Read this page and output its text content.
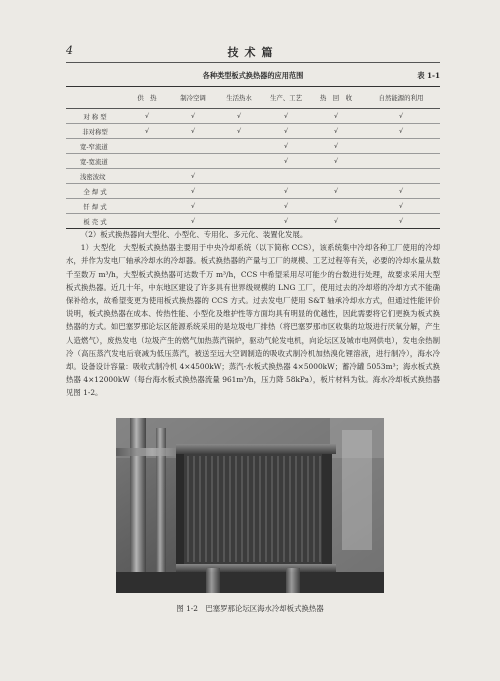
4	技术篇
各种类型板式换热器的应用范围	表 1-1
	供　热	制冷空调	生活热水	生产、工艺	热　回　收	自然能源的利用
对 称 型	√	√	√	√	√	√
非对称型	√	√	√	√	√	√
宽-窄流道				√	√	
宽-宽流道				√	√	
浅密波纹		√				
全 焊 式		√		√	√	√
钎 焊 式		√		√		√
板 壳 式		√		√	√	√

（2）板式换热器向大型化、小型化、专用化、多元化、装置化发展。

1）大型化　大型板式换热器主要用于中央冷却系统（以下简称 CCS），该系统集中冷却各种工厂使用的冷却水，并作为发电厂轴承冷却水的冷却器。板式换热器的产量与工厂的规模、工艺过程等有关，必要的冷却水量从数千至数万 m³/h，大型板式换热器可达数千万 m³/h，CCS 中希望采用尽可能少的台数进行处理，故要求采用大型板式换热器。近几十年，中东地区建设了许多具有世界级规模的 LNG 工厂，使用过去的冷却塔的冷却方式不能确保补给水，故希望变更为使用板式换热器的 CCS 方式。过去发电厂使用 S&T 轴承冷却水方式，但通过性能评价说明，板式换热器在成本、传热性能、小型化及维护性等方面均具有明显的优越性，因此需要将它们更换为板式换热器的方式。如巴塞罗那论坛区能源系统采用的是垃圾电厂排热（将巴塞罗那市区收集的垃圾进行厌氧分解，产生人造燃气），废热发电（垃圾产生的燃气加热蒸汽锅炉，驱动气轮发电机，向论坛区及城市电网供电），发电余热制冷（高压蒸汽发电后衰减为低压蒸汽，被送至远大空调制造的吸收式制冷机加热溴化锂溶液，进行制冷），海水冷却。设备设计容量：吸收式制冷机 4×4500kW；蒸汽-水板式换热器 4×5000kW；蓄冷罐 5053m³；海水板式换热器 4×12000kW（每台海水板式换热器流量 961m³/h，压力降 58kPa），板片材料为钛。海水冷却板式换热器见图 1-2。

图 1-2　巴塞罗那论坛区海水冷却板式换热器
